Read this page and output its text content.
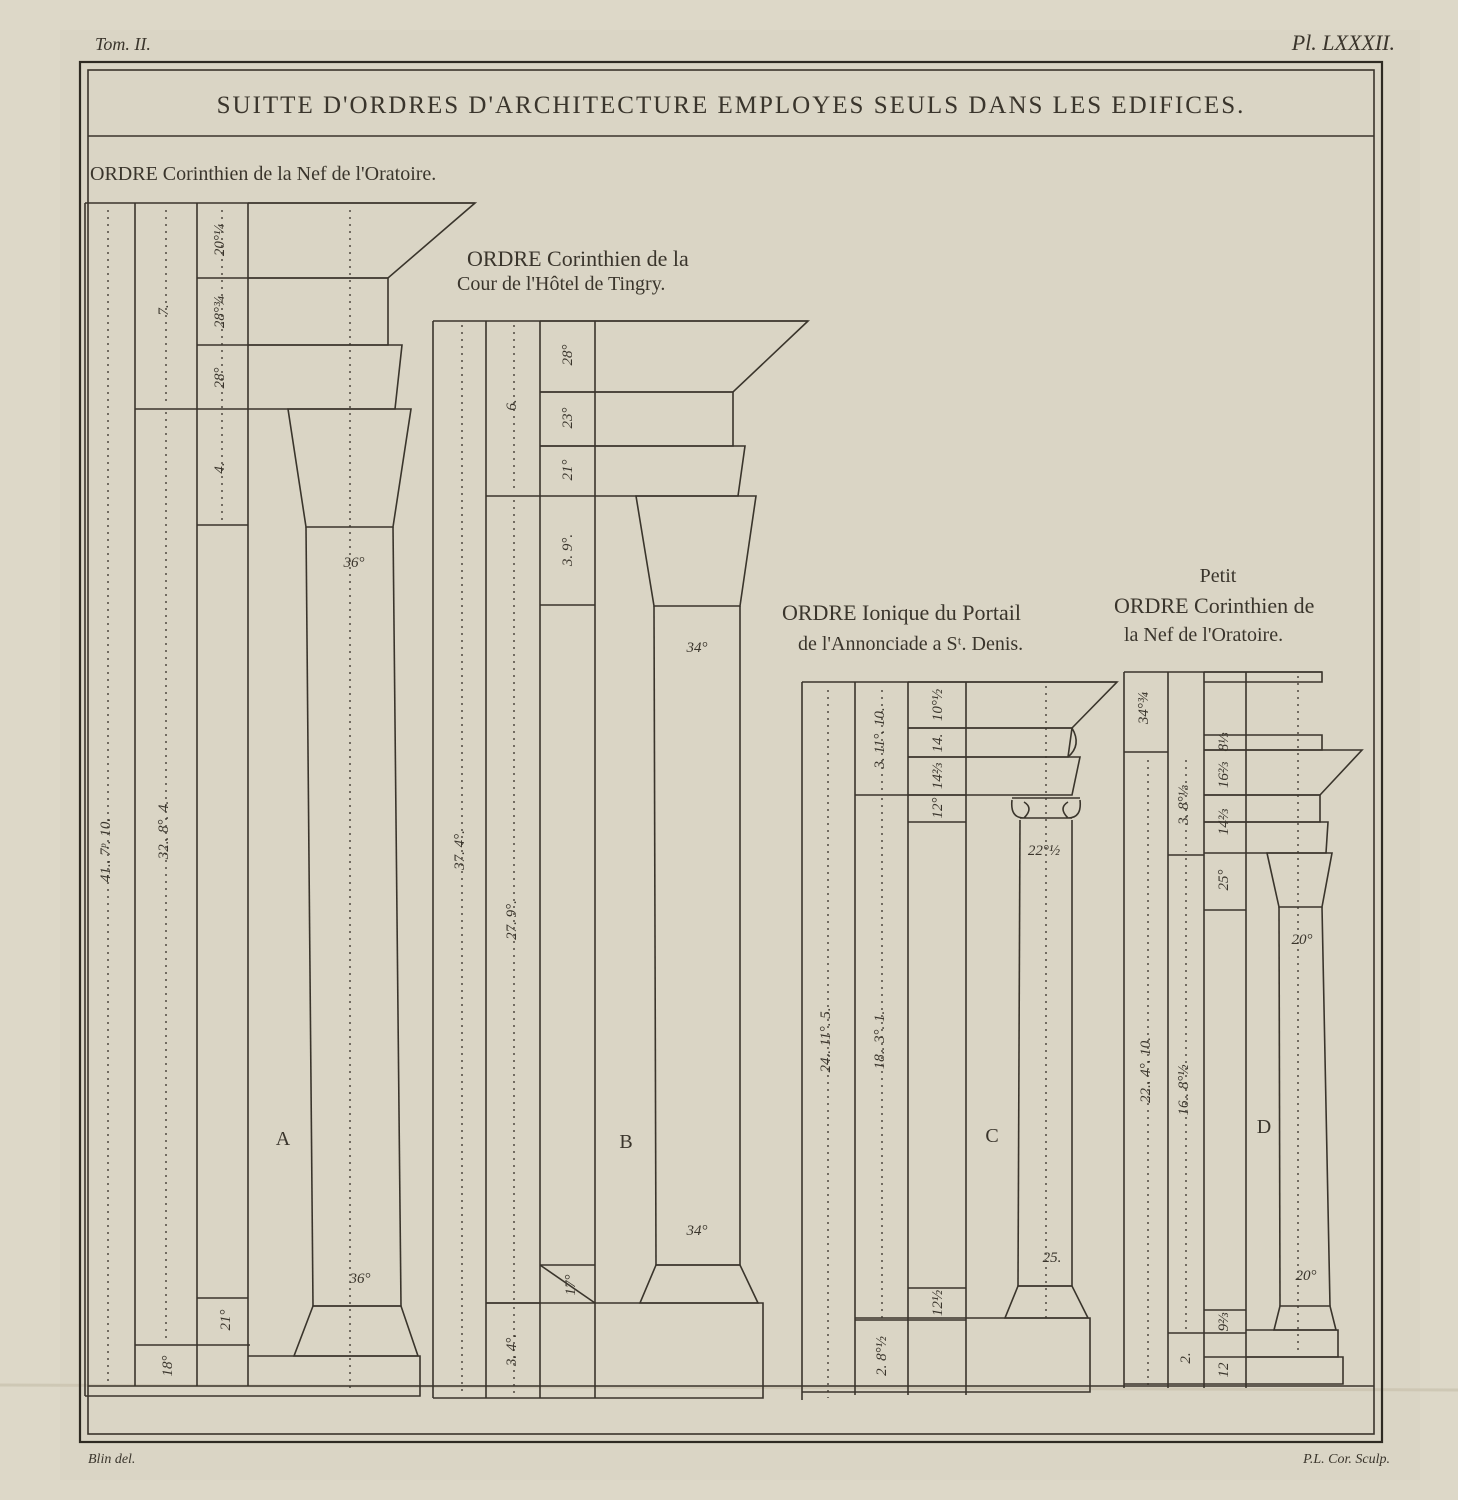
Tom. II.	Pl. LXXXII.
Blin del.	P.L. Cor. Sculp.
SUITTE D'ORDRES D'ARCHITECTURE EMPLOYES SEULS DANS LES EDIFICES.
ORDRE Corinthien de la Nef de l'Oratoire.
A
41.. 7ᵖ. 10.
7.
32.. 8°. 4.
20°¼
28°¾
28°
4.
36°
36°
21°
18°
ORDRE Corinthien de la
Cour de l'Hôtel de Tingry.
B
37. 4°.
6.
27. 9°.
28°
23°
21°
3. 9°.
34°
34°
17°
3. 4°.
ORDRE Ionique du Portail
de l'Annonciade a Sᵗ. Denis.
C
24.. 11°. 5.
3. 11°. 10.
18.. 3°. 1.
10°½
14.
14⅔
12°
22°½
25.
12½
2. 8°½
Petit
ORDRE Corinthien de
la Nef de l'Oratoire.
D
34°¾
22.. 4°. 10.
3. 8°⅓
16.. 8°½
8⅓
16⅔
14⅔
25°
20°
20°
2.
9⅔
12
